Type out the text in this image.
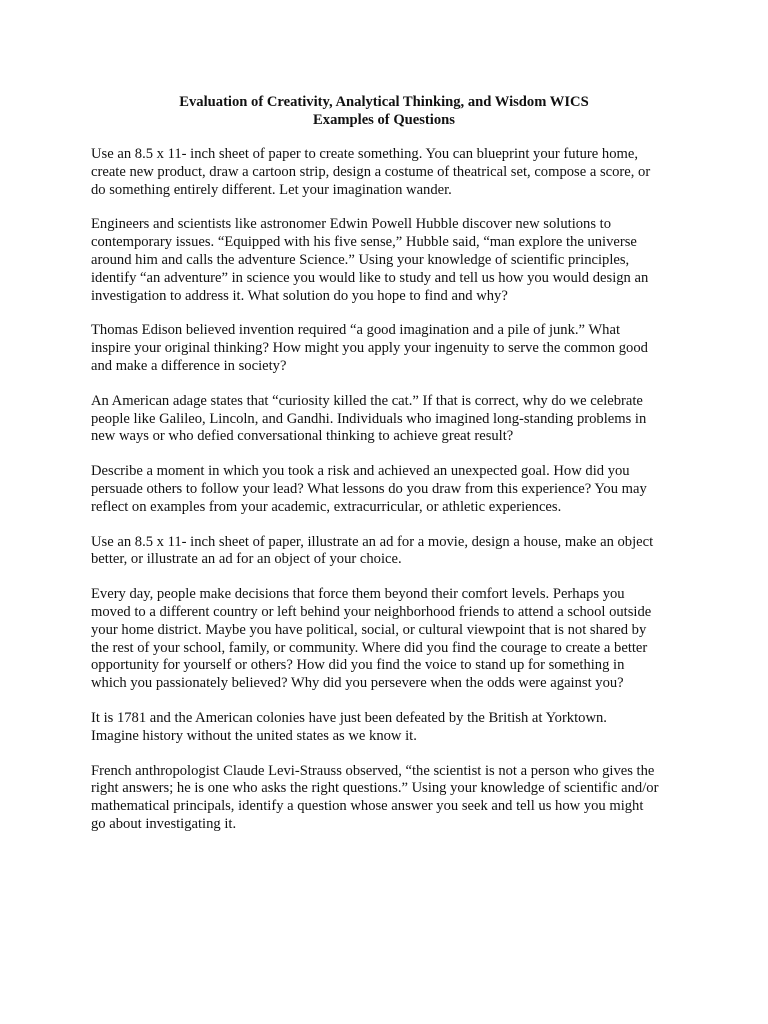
Evaluation of Creativity, Analytical Thinking, and Wisdom WICS
Examples of Questions

Use an 8.5 x 11- inch sheet of paper to create something. You can blueprint your future home,
create new product, draw a cartoon strip, design a costume of theatrical set, compose a score, or
do something entirely different. Let your imagination wander.

Engineers and scientists like astronomer Edwin Powell Hubble discover new solutions to
contemporary issues. “Equipped with his five sense,” Hubble said, “man explore the universe
around him and calls the adventure Science.” Using your knowledge of scientific principles,
identify “an adventure” in science you would like to study and tell us how you would design an
investigation to address it. What solution do you hope to find and why?

Thomas Edison believed invention required “a good imagination and a pile of junk.” What
inspire your original thinking? How might you apply your ingenuity to serve the common good
and make a difference in society?

An American adage states that “curiosity killed the cat.” If that is correct, why do we celebrate
people like Galileo, Lincoln, and Gandhi. Individuals who imagined long-standing problems in
new ways or who defied conversational thinking to achieve great result?

Describe a moment in which you took a risk and achieved an unexpected goal. How did you
persuade others to follow your lead? What lessons do you draw from this experience? You may
reflect on examples from your academic, extracurricular, or athletic experiences.

Use an 8.5 x 11- inch sheet of paper, illustrate an ad for a movie, design a house, make an object
better, or illustrate an ad for an object of your choice.

Every day, people make decisions that force them beyond their comfort levels. Perhaps you
moved to a different country or left behind your neighborhood friends to attend a school outside
your home district. Maybe you have political, social, or cultural viewpoint that is not shared by
the rest of your school, family, or community. Where did you find the courage to create a better
opportunity for yourself or others? How did you find the voice to stand up for something in
which you passionately believed? Why did you persevere when the odds were against you?

It is 1781 and the American colonies have just been defeated by the British at Yorktown.
Imagine history without the united states as we know it.

French anthropologist Claude Levi-Strauss observed, “the scientist is not a person who gives the
right answers; he is one who asks the right questions.” Using your knowledge of scientific and/or
mathematical principals, identify a question whose answer you seek and tell us how you might
go about investigating it.
